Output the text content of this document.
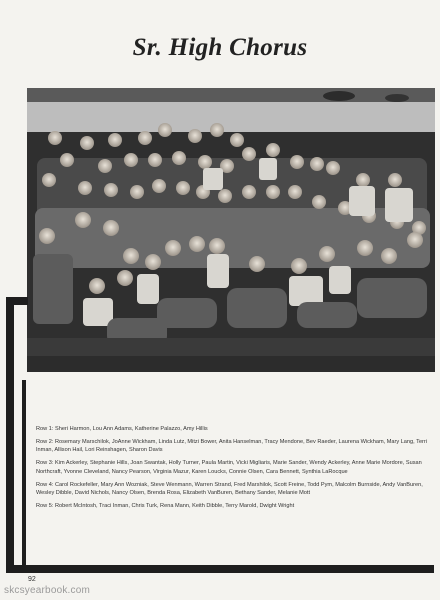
Sr. High Chorus

Row 1: Sheri Harmon, Lou Ann Adams, Katherine Palazzo, Amy Hillis

Row 2: Rosemary Marschilok, JoAnne Wickham, Linda Lutz, Mitzi Bower, Anita Hanselman, Tracy Mendone, Bev Raeder, Laurena Wickham, Mary Lang, Terri Inman, Allison Hail, Lori Reinshagen, Sharon Davis

Row 3: Kim Ackerley, Stephanie Hills, Joan Swantak, Holly Turner, Paula Martin, Vicki Migliaris, Marie Sander, Wendy Ackerley, Anne Marie Mordore, Susan Northcraft, Yvonne Cleveland, Nancy Pearson, Virginia Mazur, Karen Loucks, Connie Olsen, Cara Bennett, Synthia LaRocque

Row 4: Carol Rockefeller, Mary Ann Wozniak, Steve Wenmann, Warren Strand, Fred Marshilok, Scott Freine, Todd Pym, Malcolm Burnside, Andy VanBuren, Wesley Dibble, David Nichols, Nancy Olsen, Brenda Rosa, Elizabeth VanBuren, Bethany Sander, Melanie Mott

Row 5: Robert McIntosh, Traci Inman, Chris Turk, Rena Mann, Keith Dibble, Terry Marold, Dwight Wright

92
skcsyearbook.com
